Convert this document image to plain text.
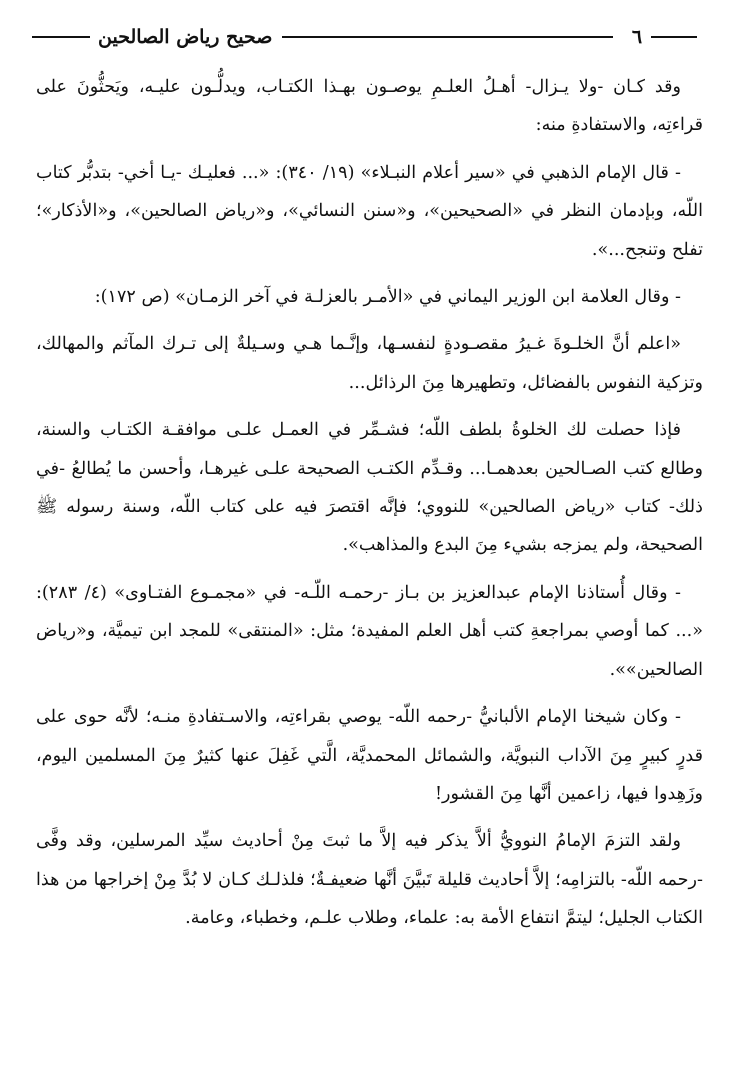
٦
صحيح رياض الصالحين

وقد كـان -ولا يـزال- أهـلُ العلـمِ يوصـون بهـذا الكتـاب، ويدلُّـون عليـه، ويَحثُّونَ على قراءتِه، والاستفادةِ منه:

- قال الإمام الذهبي في «سير أعلام النبـلاء» (١٩/ ٣٤٠): «... فعليـك -يـا أخي- بتدبُّر كتاب اللّه، وبإدمان النظر في «الصحيحين»، و«سنن النسائي»، و«رياض الصالحين»، و«الأذكار»؛ تفلح وتنجح...».

- وقال العلامة ابن الوزير اليماني في «الأمـر بالعزلـة في آخر الزمـان» (ص ١٧٢):

«اعلم أنَّ الخلـوةَ غـيرُ مقصـودةٍ لنفسـها، وإنَّـما هـي وسـيلةٌ إلى تـرك المآثم والمهالك، وتزكية النفوس بالفضائل، وتطهيرها مِنَ الرذائل...

فإذا حصلت لك الخلوةُ بلطف اللّه؛ فشـمِّر في العمـل علـى موافقـة الكتـاب والسنة، وطالع كتب الصـالحين بعدهمـا... وقـدِّم الكتـب الصحيحة علـى غيرهـا، وأحسن ما يُطالعُ -في ذلك- كتاب «رياض الصالحين» للنووي؛ فإنَّه اقتصرَ فيه على كتاب اللّه، وسنة رسوله ﷺ الصحيحة، ولم يمزجه بشيء مِنَ البدع والمذاهب».

- وقال أُستاذنا الإمام عبدالعزيز بن بـاز -رحمـه اللّـه- في «مجمـوع الفتـاوى» (٤/ ٢٨٣): «... كما أوصي بمراجعةِ كتب أهل العلم المفيدة؛ مثل: «المنتقى» للمجد ابن تيميَّة، و«رياض الصالحين»».

- وكان شيخنا الإمام الألبانيُّ -رحمه اللّه- يوصي بقراءتِه، والاسـتفادةِ منـه؛ لأنَّه حوى على قدرٍ كبيرٍ مِنَ الآداب النبويَّة، والشمائل المحمديَّة، الَّتي غَفِلَ عنها كثيرٌ مِنَ المسلمين اليوم، وزَهِدوا فيها، زاعمين أنَّها مِنَ القشور!

ولقد التزمَ الإمامُ النوويُّ ألاَّ يذكر فيه إلاَّ ما ثبتَ مِنْ أحاديث سيِّد المرسلين، وقد وفَّى -رحمه اللّه- بالتزامِه؛ إلاَّ أحاديث قليلة تَبيَّنَ أنَّها ضعيفـةٌ؛ فلذلـك كـان لا بُدَّ مِنْ إخراجها من هذا الكتاب الجليل؛ ليتمَّ انتفاع الأمة به: علماء، وطلاب علـم، وخطباء، وعامة.
